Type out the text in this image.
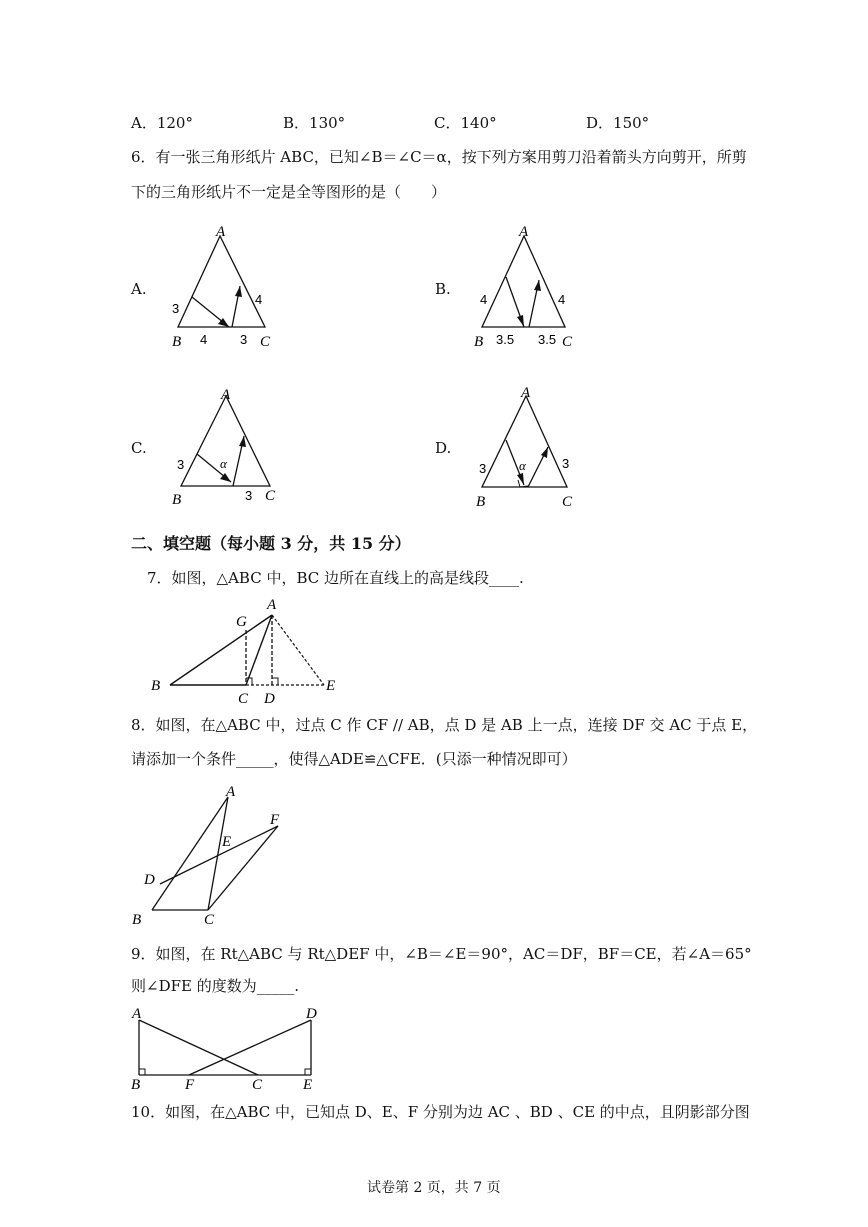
A．120°	B．130°	C．140°	D．150°
6．有一张三角形纸片 ABC，已知∠B＝∠C＝α，按下列方案用剪刀沿着箭头方向剪开，所剪
下的三角形纸片不一定是全等图形的是（　　）
A.
A
B	C
3
4	3
4
B.
A
B	C
4
3.5 3.5
4
C.
A
B	C
3	α
3
D.
A
B	C
3	α	3
二、填空题（每小题 3 分，共 15 分）
7．如图，△ABC 中，BC 边所在直线上的高是线段____.
A
G
B
C D
E
8．如图，在△ABC 中，过点 C 作 CF // AB，点 D 是 AB 上一点，连接 DF 交 AC 于点 E，
请添加一个条件_____，使得△ADE≌△CFE．(只添一种情况即可）
A
F
E
D
B	C
9．如图，在 Rt△ABC 与 Rt△DEF 中，∠B＝∠E＝90°，AC＝DF，BF＝CE，若∠A＝65°
则∠DFE 的度数为_____.
A	D
B	F	C	E
10．如图，在△ABC 中，已知点 D、E、F 分别为边 AC 、BD 、CE 的中点，且阴影部分图
试卷第 2 页，共 7 页
